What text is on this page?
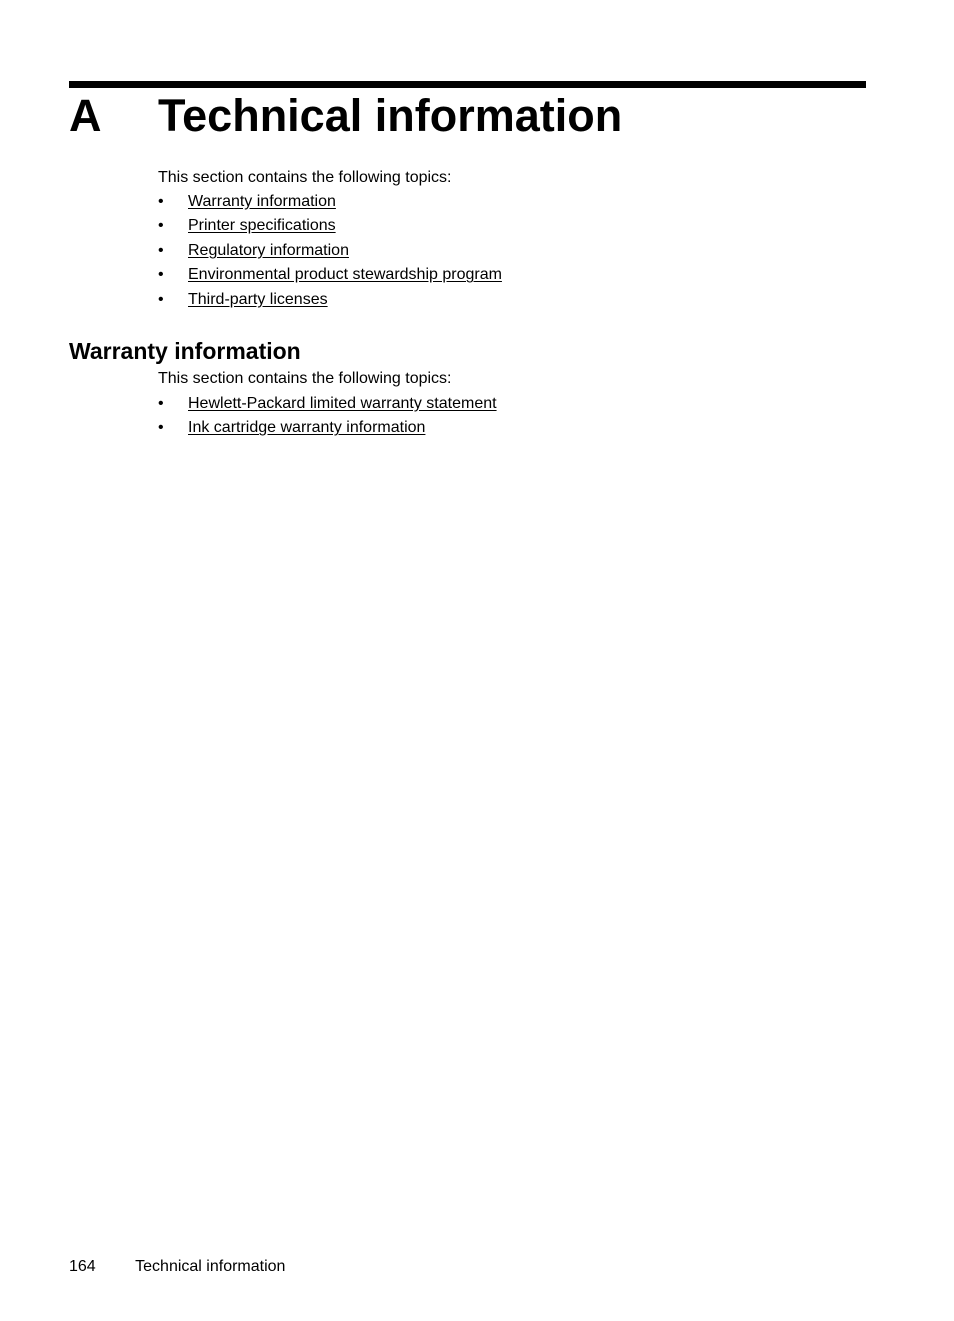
A	Technical information
This section contains the following topics:
• Warranty information
• Printer specifications
• Regulatory information
• Environmental product stewardship program
• Third-party licenses
Warranty information
This section contains the following topics:
• Hewlett-Packard limited warranty statement
• Ink cartridge warranty information
164 Technical information
